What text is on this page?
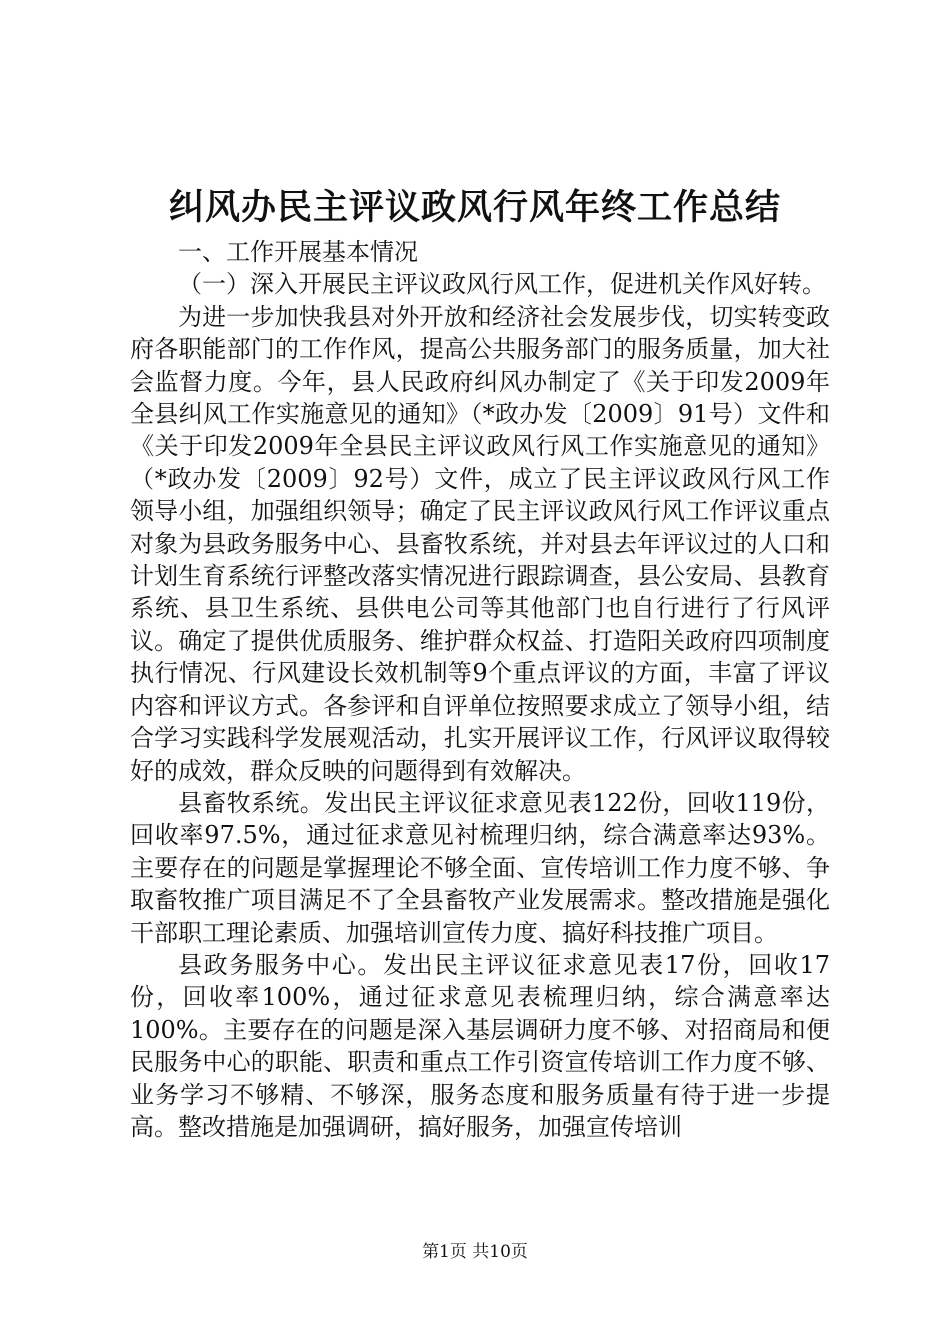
纠风办民主评议政风行风年终工作总结

一、工作开展基本情况

（一）深入开展民主评议政风行风工作，促进机关作风好转。

为进一步加快我县对外开放和经济社会发展步伐，切实转变政府各职能部门的工作作风，提高公共服务部门的服务质量，加大社会监督力度。今年，县人民政府纠风办制定了《关于印发2009年全县纠风工作实施意见的通知》（*政办发〔2009〕91号）文件和《关于印发2009年全县民主评议政风行风工作实施意见的通知》（*政办发〔2009〕92号）文件，成立了民主评议政风行风工作领导小组，加强组织领导；确定了民主评议政风行风工作评议重点对象为县政务服务中心、县畜牧系统，并对县去年评议过的人口和计划生育系统行评整改落实情况进行跟踪调查，县公安局、县教育系统、县卫生系统、县供电公司等其他部门也自行进行了行风评议。确定了提供优质服务、维护群众权益、打造阳关政府四项制度执行情况、行风建设长效机制等9个重点评议的方面，丰富了评议内容和评议方式。各参评和自评单位按照要求成立了领导小组，结合学习实践科学发展观活动，扎实开展评议工作，行风评议取得较好的成效，群众反映的问题得到有效解决。

县畜牧系统。发出民主评议征求意见表122份，回收119份，回收率97.5%，通过征求意见衬梳理归纳，综合满意率达93%。主要存在的问题是掌握理论不够全面、宣传培训工作力度不够、争取畜牧推广项目满足不了全县畜牧产业发展需求。整改措施是强化干部职工理论素质、加强培训宣传力度、搞好科技推广项目。

县政务服务中心。发出民主评议征求意见表17份，回收17份，回收率100%，通过征求意见表梳理归纳，综合满意率达100%。主要存在的问题是深入基层调研力度不够、对招商局和便民服务中心的职能、职责和重点工作引资宣传培训工作力度不够、业务学习不够精、不够深，服务态度和服务质量有待于进一步提高。整改措施是加强调研，搞好服务，加强宣传培训

第1页 共10页
